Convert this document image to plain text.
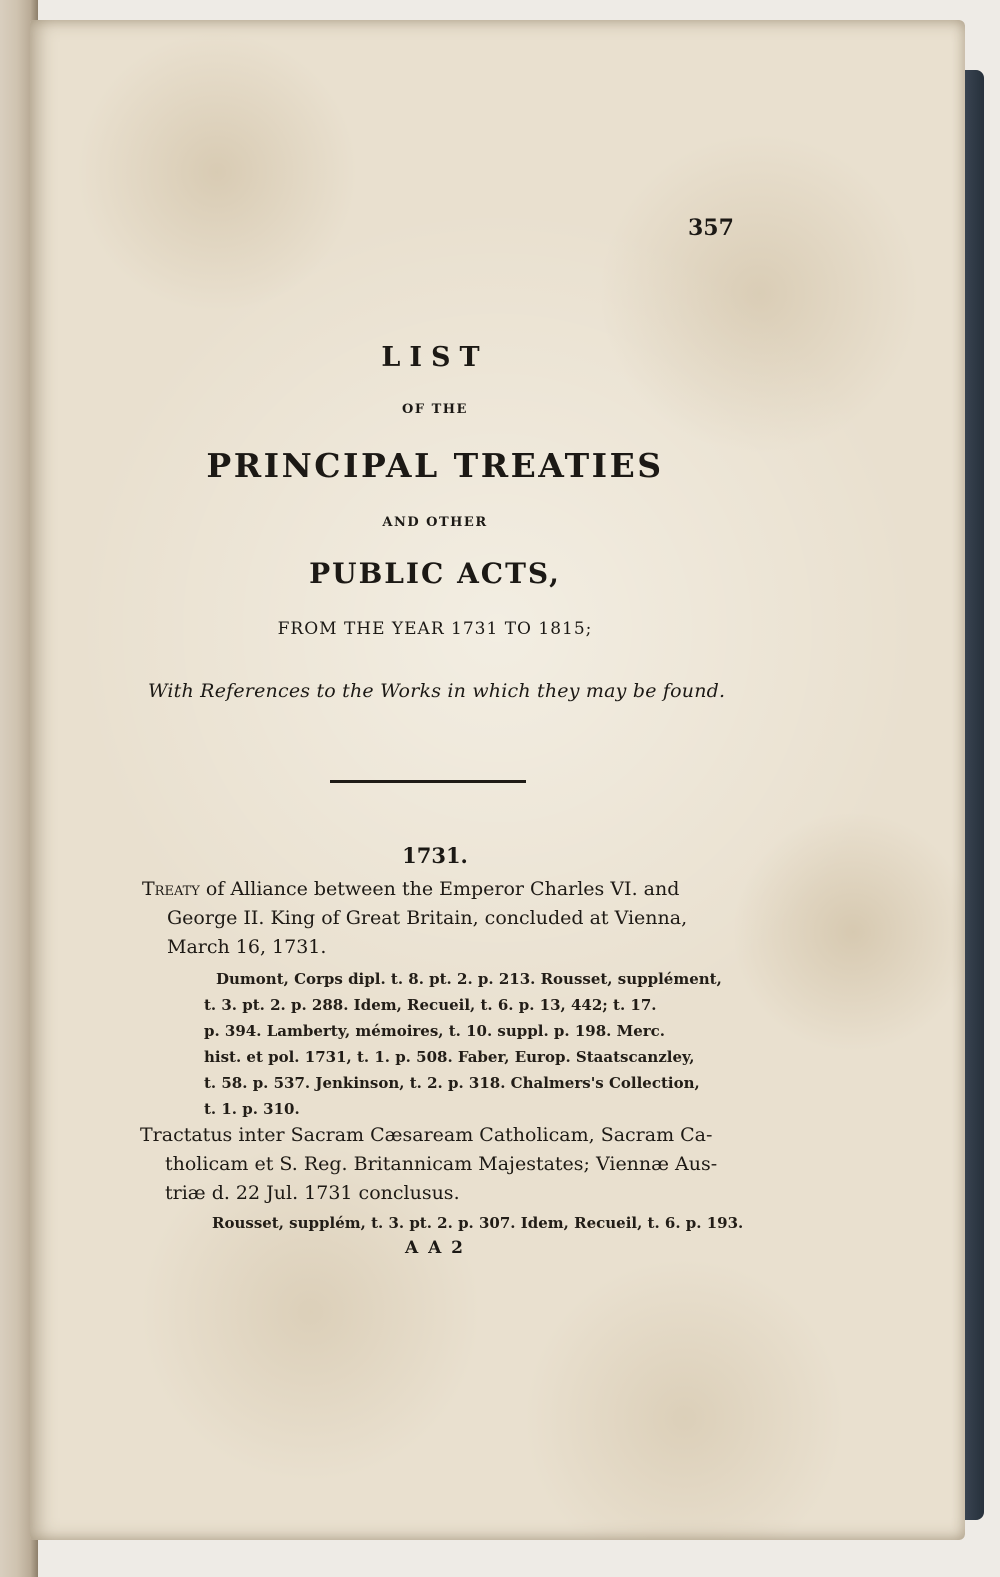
357

LIST

OF THE

PRINCIPAL TREATIES

AND OTHER

PUBLIC ACTS,

FROM THE YEAR 1731 TO 1815;

With References to the Works in which they may be found.

1731.

Treaty of Alliance between the Emperor Charles VI. and

George II. King of Great Britain, concluded at Vienna,

March 16, 1731.

Dumont, Corps dipl. t. 8. pt. 2. p. 213. Rousset, supplément,

t. 3. pt. 2. p. 288. Idem, Recueil, t. 6. p. 13, 442; t. 17.

p. 394. Lamberty, mémoires, t. 10. suppl. p. 198. Merc.

hist. et pol. 1731, t. 1. p. 508. Faber, Europ. Staatscanzley,

t. 58. p. 537. Jenkinson, t. 2. p. 318. Chalmers's Collection,

t. 1. p. 310.

Tractatus inter Sacram Cæsaream Catholicam, Sacram Ca-

tholicam et S. Reg. Britannicam Majestates; Viennæ Aus-

triæ d. 22 Jul. 1731 conclusus.

Rousset, supplém, t. 3. pt. 2. p. 307. Idem, Recueil, t. 6. p. 193.

A A 2
